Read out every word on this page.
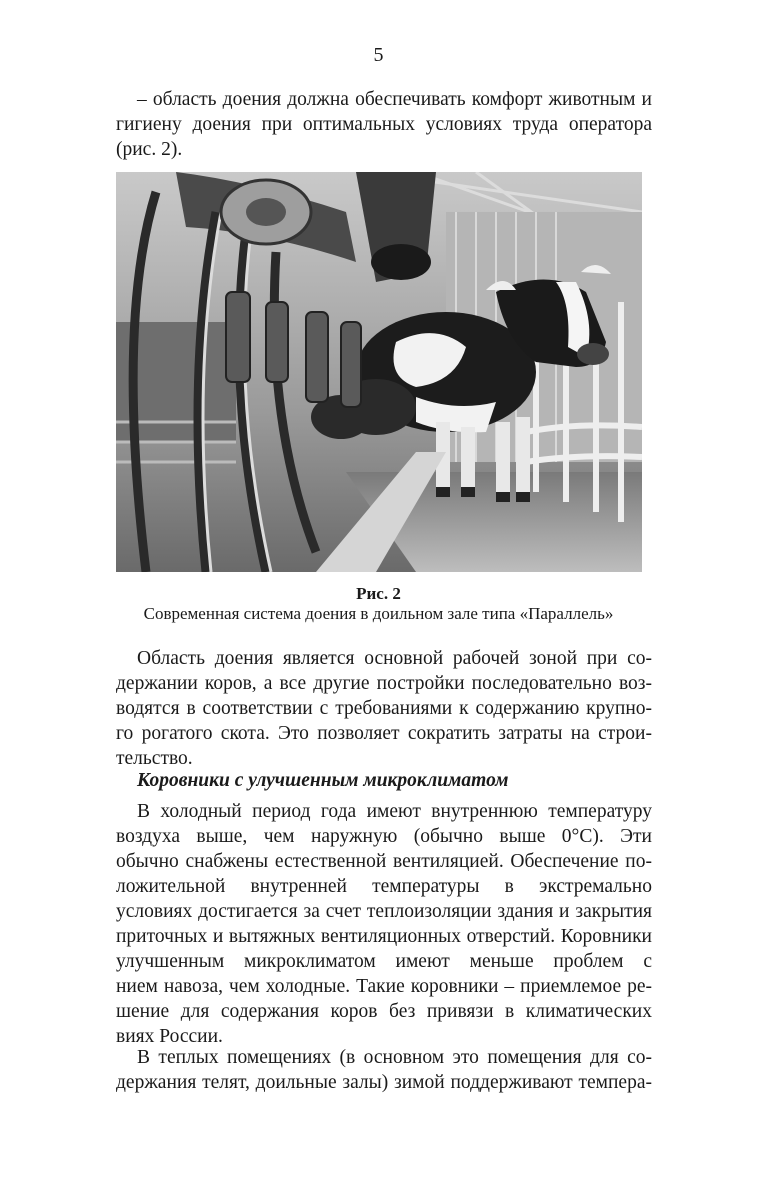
5
– область доения должна обеспечивать комфорт животным и
гигиену доения при оптимальных условиях труда оператора
(рис. 2).
Рис. 2
Современная система доения в доильном зале типа «Параллель»
Область доения является основной рабочей зоной при со-
держании коров, а все другие постройки последовательно воз-
водятся в соответствии с требованиями к содержанию крупно-
го рогатого скота. Это позволяет сократить затраты на строи-
тельство.
Коровники с улучшенным микроклиматом
В холодный период года имеют внутреннюю температуру
воздуха выше, чем наружную (обычно выше 0°C). Эти
обычно снабжены естественной вентиляцией. Обеспечение по-
ложительной внутренней температуры в экстремально
условиях достигается за счет теплоизоляции здания и закрытия
приточных и вытяжных вентиляционных отверстий. Коровники
улучшенным микроклиматом имеют меньше проблем с
нием навоза, чем холодные. Такие коровники – приемлемое ре-
шение для содержания коров без привязи в климатических
виях России.
В теплых помещениях (в основном это помещения для со-
держания телят, доильные залы) зимой поддерживают темпера-
